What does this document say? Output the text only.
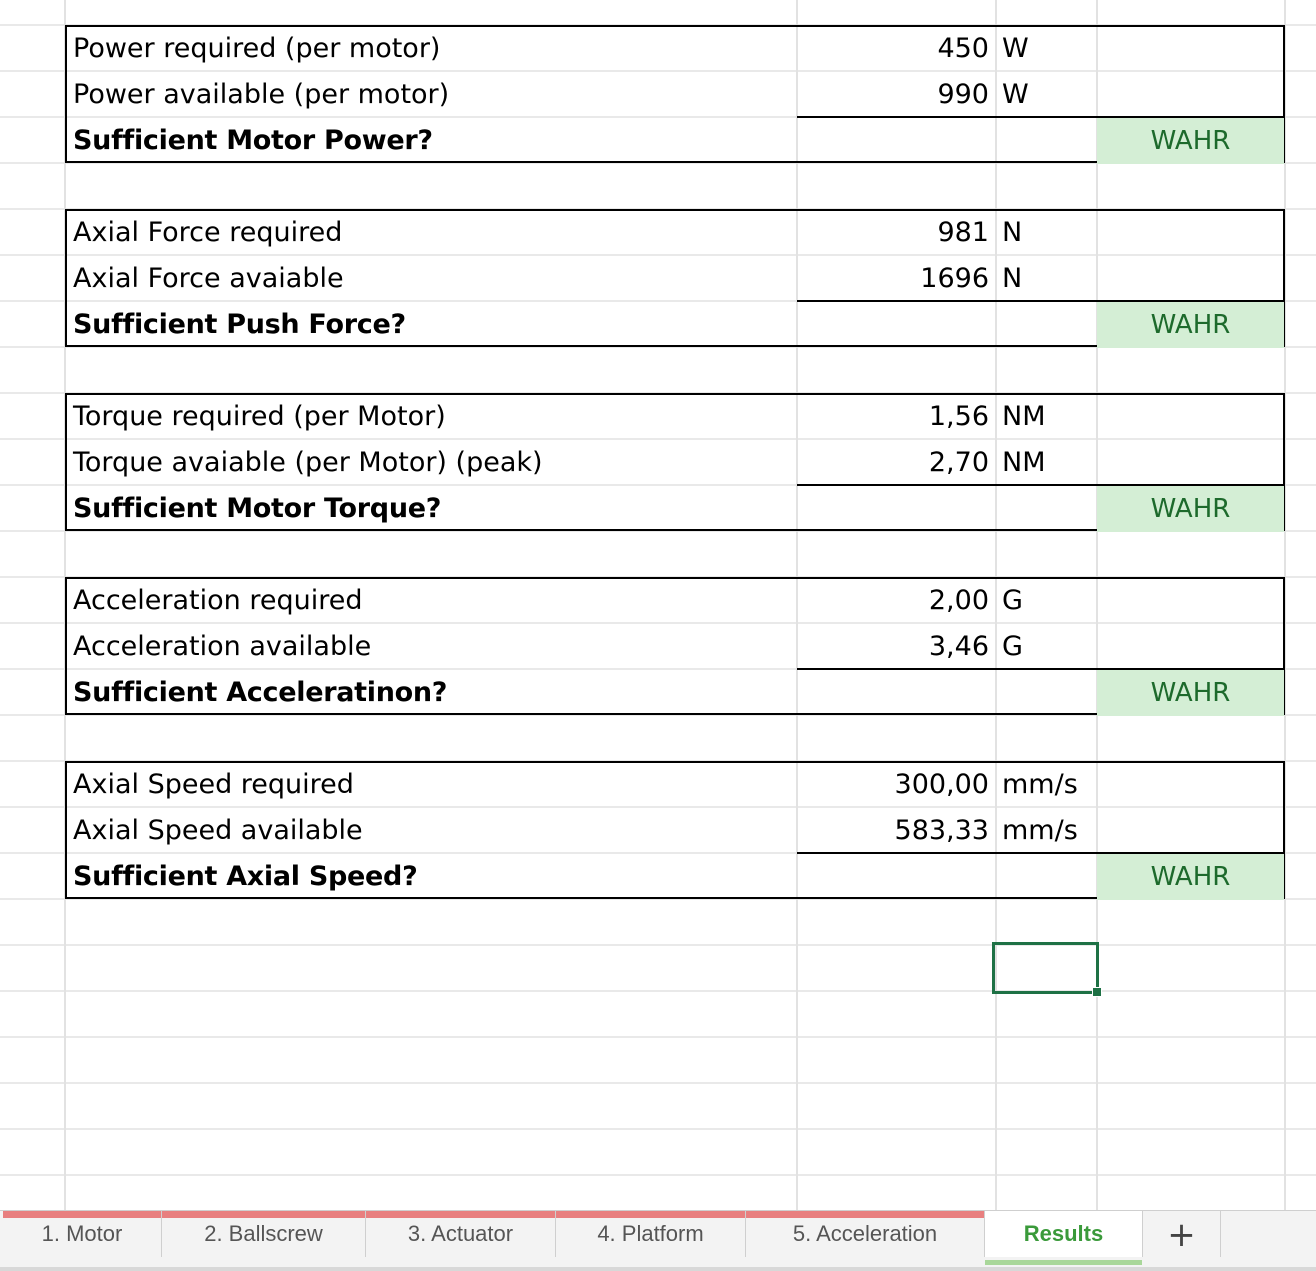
Power required (per motor)	450 W
Power available (per motor)	990 W
Sufficient Motor Power?	WAHR
Axial Force required	981 N
Axial Force avaiable	1696 N
Sufficient Push Force?	WAHR
Torque required (per Motor)	1,56 NM
Torque avaiable (per Motor) (peak)	2,70 NM
Sufficient Motor Torque?	WAHR
Acceleration required	2,00 G
Acceleration available	3,46 G
Sufficient Acceleratinon?	WAHR
Axial Speed required	300,00 mm/s
Axial Speed available	583,33 mm/s
Sufficient Axial Speed?	WAHR
1. Motor	2. Ballscrew	3. Actuator	4. Platform	5. Acceleration	Results	+
